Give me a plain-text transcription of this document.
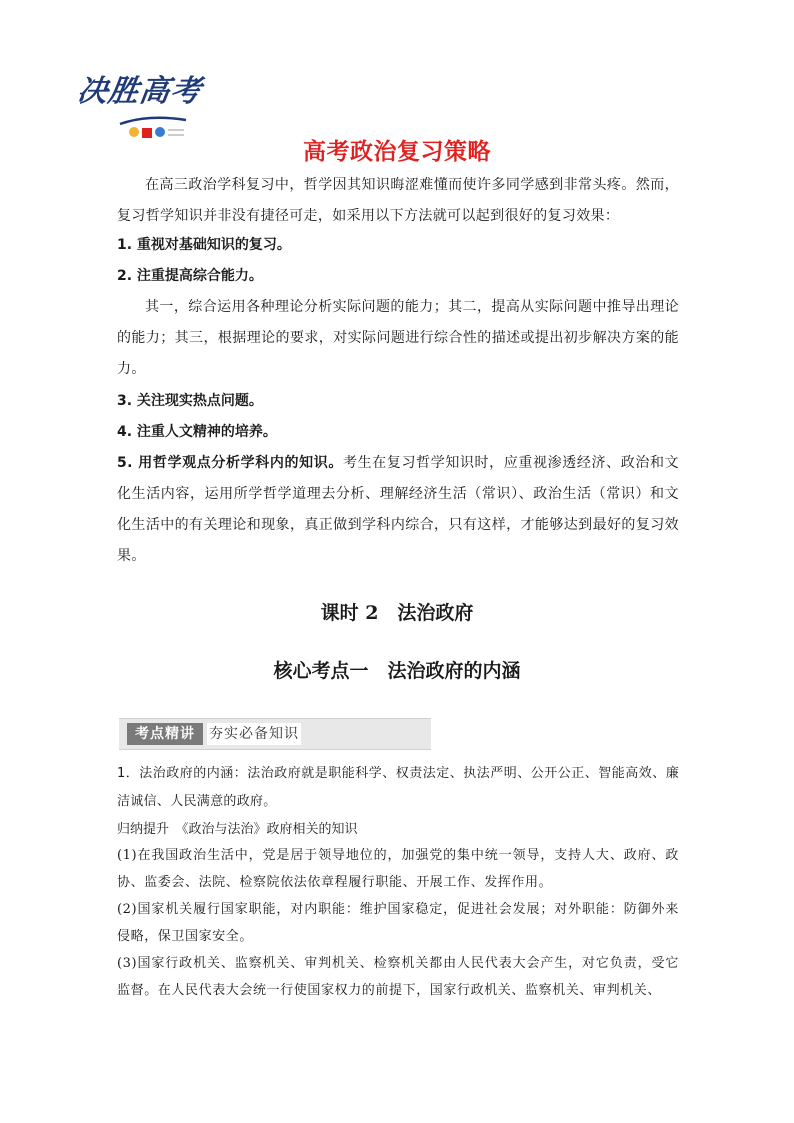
决胜高考
高考政治复习策略
在高三政治学科复习中，哲学因其知识晦涩难懂而使许多同学感到非常头疼。然而，复习哲学知识并非没有捷径可走，如采用以下方法就可以起到很好的复习效果：
1. 重视对基础知识的复习。
2. 注重提高综合能力。
其一，综合运用各种理论分析实际问题的能力；其二，提高从实际问题中推导出理论的能力；其三，根据理论的要求，对实际问题进行综合性的描述或提出初步解决方案的能力。
3. 关注现实热点问题。
4. 注重人文精神的培养。
5. 用哲学观点分析学科内的知识。考生在复习哲学知识时，应重视渗透经济、政治和文化生活内容，运用所学哲学道理去分析、理解经济生活（常识）、政治生活（常识）和文化生活中的有关理论和现象，真正做到学科内综合，只有这样，才能够达到最好的复习效果。
课时 2　法治政府
核心考点一　法治政府的内涵
考点精讲	夯实必备知识
1．法治政府的内涵：法治政府就是职能科学、权责法定、执法严明、公开公正、智能高效、廉洁诚信、人民满意的政府。
归纳提升　《政治与法治》政府相关的知识
(1)在我国政治生活中，党是居于领导地位的，加强党的集中统一领导，支持人大、政府、政协、监委会、法院、检察院依法依章程履行职能、开展工作、发挥作用。
(2)国家机关履行国家职能，对内职能：维护国家稳定，促进社会发展；对外职能：防御外来侵略，保卫国家安全。
(3)国家行政机关、监察机关、审判机关、检察机关都由人民代表大会产生，对它负责，受它监督。在人民代表大会统一行使国家权力的前提下，国家行政机关、监察机关、审判机关、
